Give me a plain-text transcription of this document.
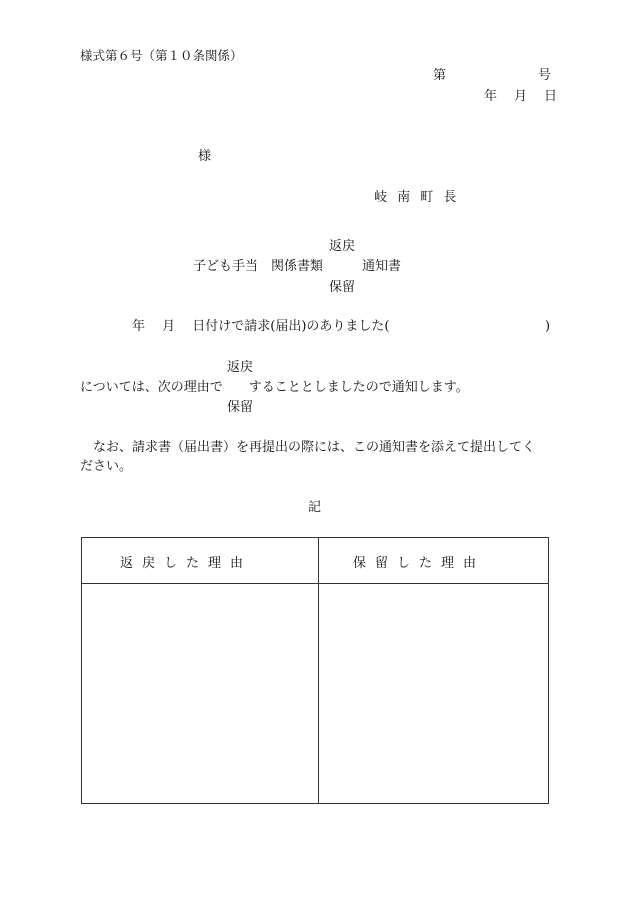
様式第６号（第１０条関係）
第	号
年　月　日
様
岐 南 町 長
返戻
子ども手当　関係書類　　　通知書
保留
年　 月　 日付けで請求(届出)のありました(	)
返戻
については、次の理由で　　することとしましたので通知します。
保留
　なお、請求書（届出書）を再提出の際には、この通知書を添えて提出してく
ださい。
記
返戻した理由	保留した理由
